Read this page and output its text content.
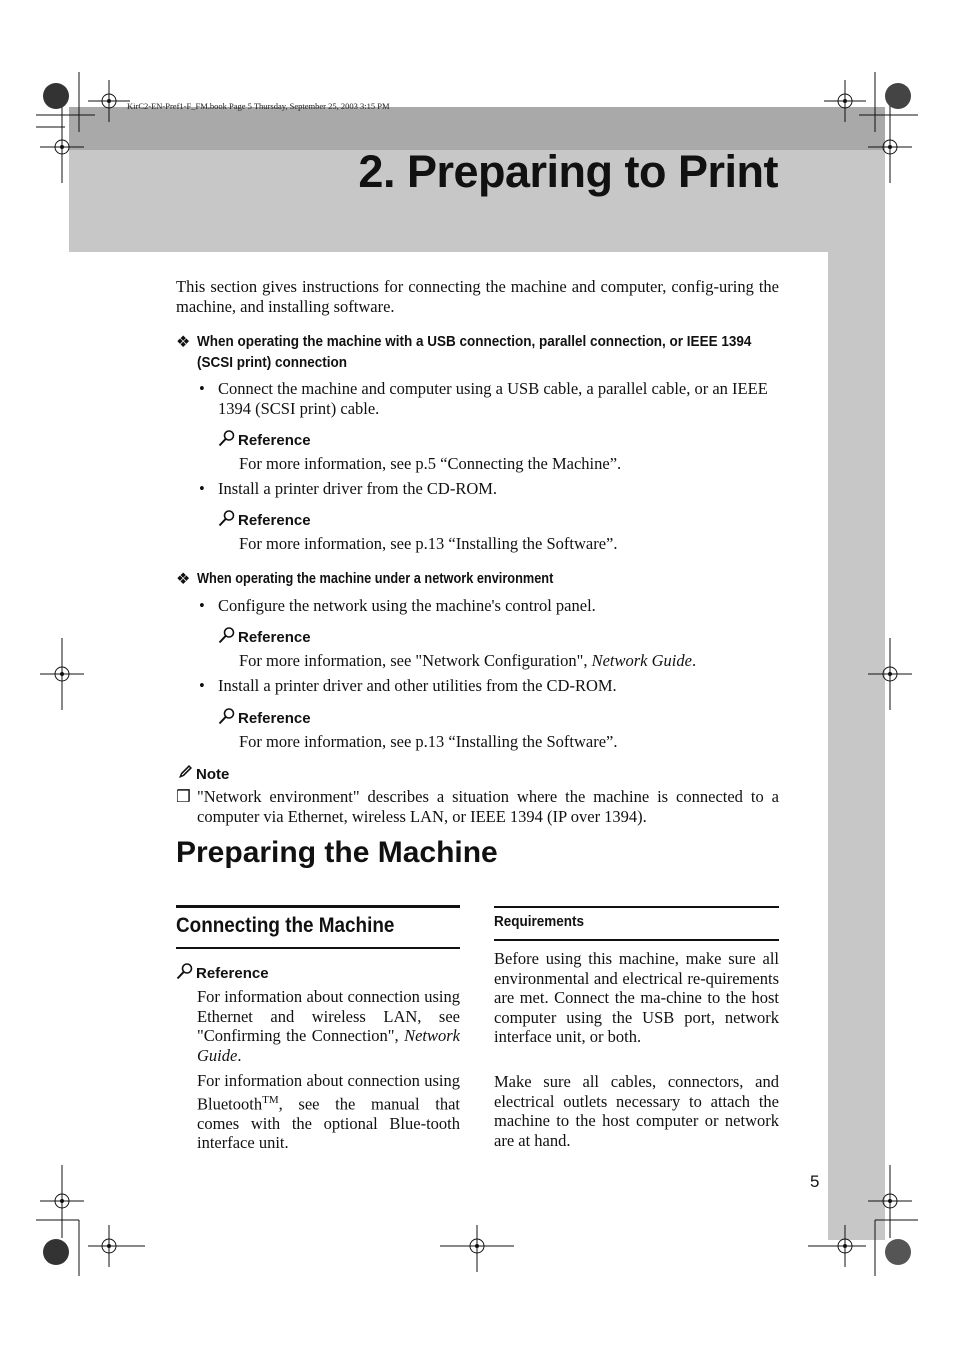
KirC2-EN-Pref1-F_FM.book Page 5 Thursday, September 25, 2003 3:15 PM
2. Preparing to Print
This section gives instructions for connecting the machine and computer, config-uring the machine, and installing software.
❖ When operating the machine with a USB connection, parallel connection, or IEEE 1394 (SCSI print) connection
• Connect the machine and computer using a USB cable, a parallel cable, or an IEEE 1394 (SCSI print) cable.
Reference
For more information, see p.5 “Connecting the Machine”.
• Install a printer driver from the CD-ROM.
Reference
For more information, see p.13 “Installing the Software”.
❖ When operating the machine under a network environment
• Configure the network using the machine's control panel.
Reference
For more information, see "Network Configuration", Network Guide.
• Install a printer driver and other utilities from the CD-ROM.
Reference
For more information, see p.13 “Installing the Software”.
Note
❒ "Network environment" describes a situation where the machine is connected to a computer via Ethernet, wireless LAN, or IEEE 1394 (IP over 1394).
Preparing the Machine
Connecting the Machine
Reference
For information about connection using Ethernet and wireless LAN, see "Confirming the Connection", Network Guide.
For information about connection using Bluetooth™, see the manual that comes with the optional Blue-tooth interface unit.
Requirements
Before using this machine, make sure all environmental and electrical re-quirements are met. Connect the ma-chine to the host computer using the USB port, network interface unit, or both.
Make sure all cables, connectors, and electrical outlets necessary to attach the machine to the host computer or network are at hand.
5
